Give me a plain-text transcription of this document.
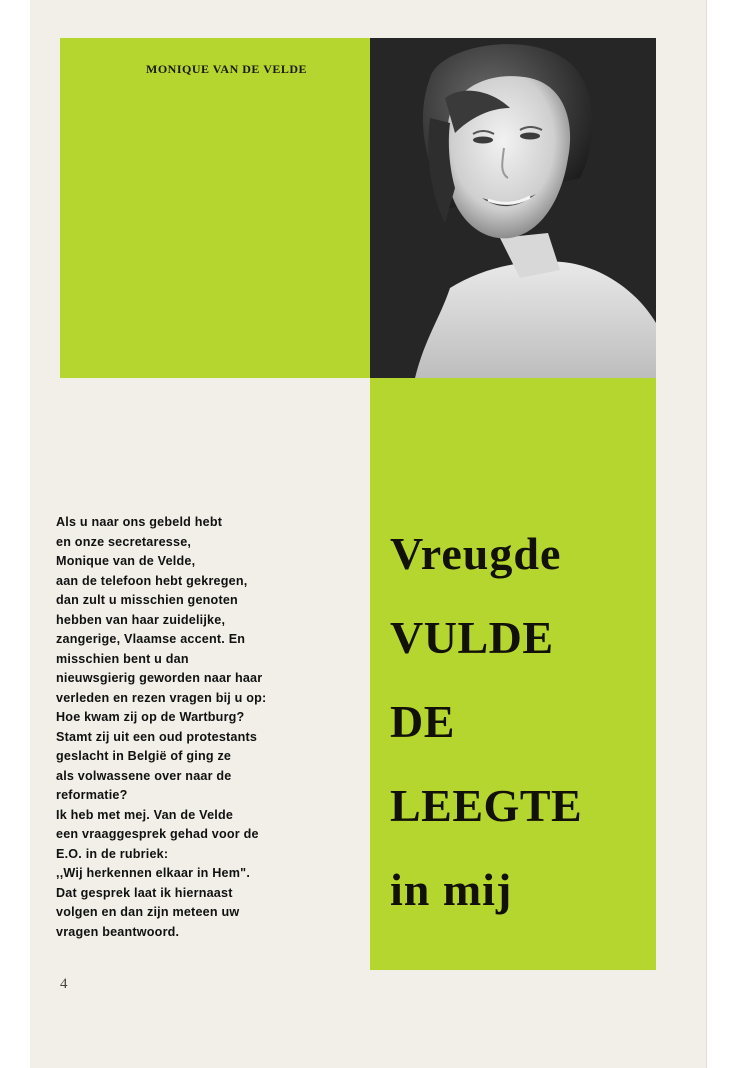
MONIQUE VAN DE VELDE
Vreugde
VULDE
DE
LEEGTE
in mij
Als u naar ons gebeld hebt
en onze secretaresse,
Monique van de Velde,
aan de telefoon hebt gekregen,
dan zult u misschien genoten
hebben van haar zuidelijke,
zangerige, Vlaamse accent. En
misschien bent u dan
nieuwsgierig geworden naar haar
verleden en rezen vragen bij u op:
Hoe kwam zij op de Wartburg?
Stamt zij uit een oud protestants
geslacht in België of ging ze
als volwassene over naar de
reformatie?
Ik heb met mej. Van de Velde
een vraaggesprek gehad voor de
E.O. in de rubriek:
,,Wij herkennen elkaar in Hem".
Dat gesprek laat ik hiernaast
volgen en dan zijn meteen uw
vragen beantwoord.
4
